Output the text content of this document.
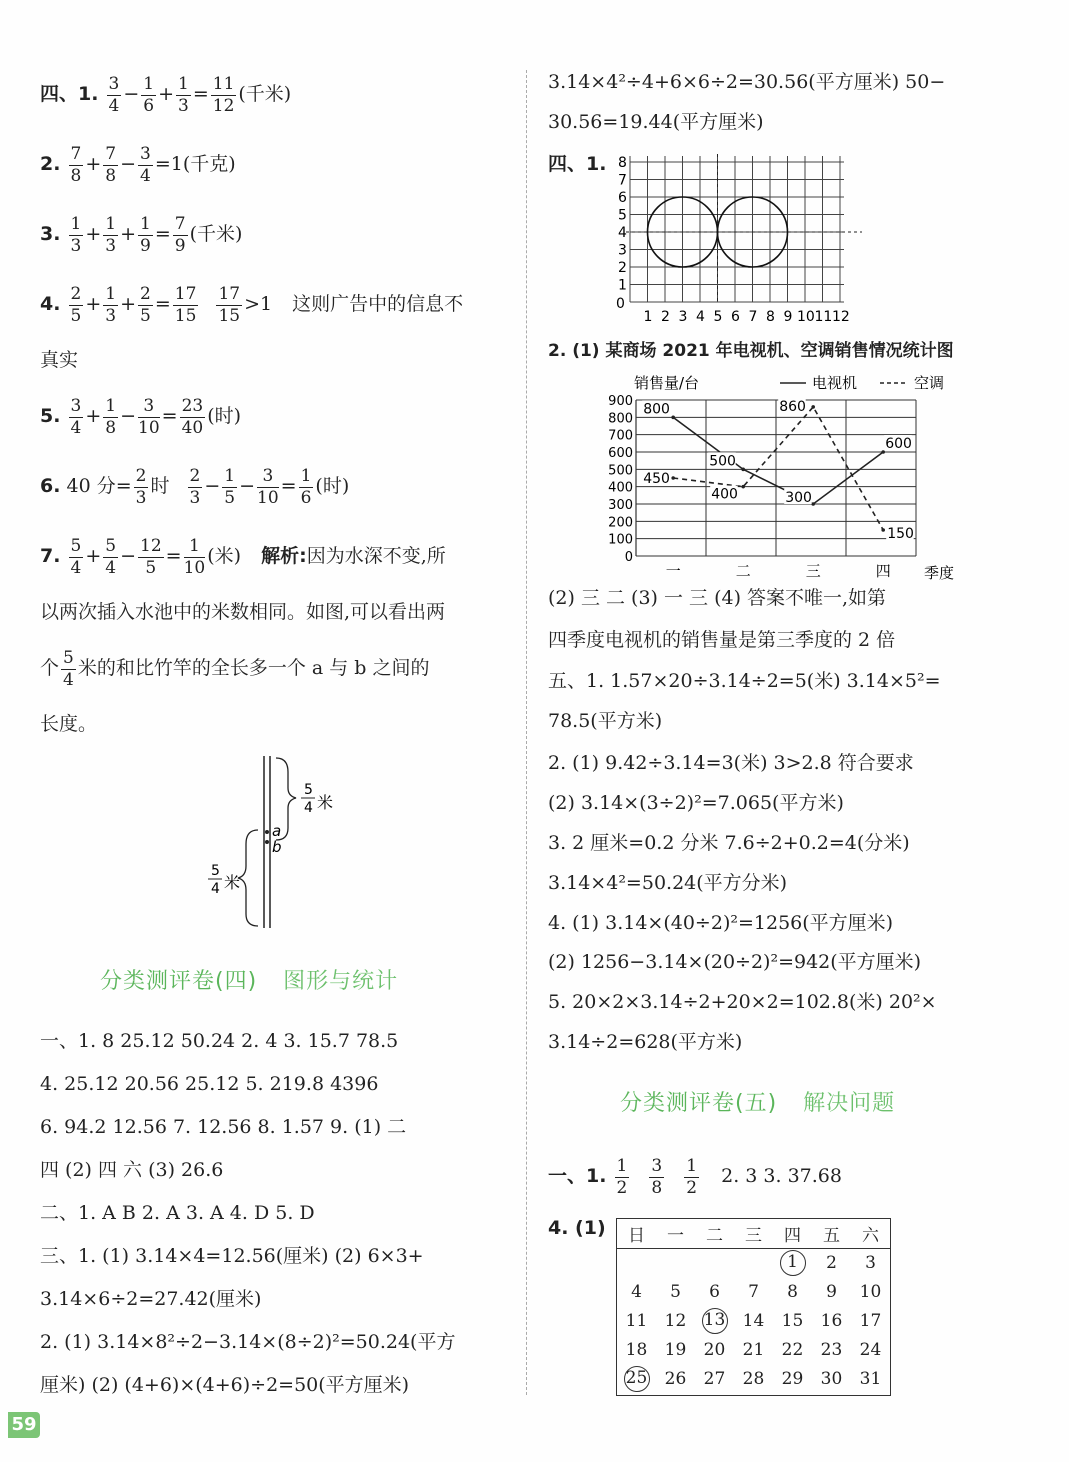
四、1. $\frac{3}{4} - \frac{1}{6} + \frac{1}{3} = \frac{11}{12}$ (千米)
2. $\frac{7}{8} + \frac{7}{8} - \frac{3}{4} =1$(千克)
3. $\frac{1}{3} + \frac{1}{3} + \frac{1}{9} = \frac{7}{9}$ (千米)
4. $\frac{2}{5} + \frac{1}{3} + \frac{2}{5} = \frac{17}{15}$
$\frac{17}{15} >1$ 这则广告中的信息不
真实
5. $\frac{3}{4} + \frac{1}{8} - \frac{3}{10} = \frac{23}{40}$ (时)
6. 40 分= $\frac{2}{3}$ 时 $\frac{2}{3} - \frac{1}{5} - \frac{3}{10} = \frac{1}{6}$ (时)
7. $\frac{5}{4} + \frac{5}{4} - \frac{12}{5} = \frac{1}{10}$ (米) 解析:因为水深不变,所
以两次插入水池中的米数相同。如图,可以看出两
个 $\frac{5}{4}$ 米的和比竹竿的全长多一个 a 与 b 之间的
长度。
a
b
5
4 米
5
4 米
分类测评卷(四) 图形与统计
一、1. 8 25.12 50.24 2. 4 3. 15.7 78.5
4. 25.12 20.56 25.12 5. 219.8 4396
6. 94.2 12.56 7. 12.56 8. 1.57 9. (1) 二
四 (2) 四 六 (3) 26.6
二、1. A B 2. A 3. A 4. D 5. D
三、1. (1) 3.14×4=12.56(厘米) (2) 6×3+
3.14×6÷2=27.42(厘米)
2. (1) 3.14×8²÷2−3.14×(8÷2)²=50.24(平方
厘米) (2) (4+6)×(4+6)÷2=50(平方厘米)
3.14×4²÷4+6×6÷2=30.56(平方厘米) 50−
30.56=19.44(平方厘米)
四、1. 8
7
6
5
4
3
2
1
0
1 2 3 4 5 6 7 8 9 10 11 12
2. (1) 某商场 2021 年电视机、空调销售情况统计图
销售量/台
0
100
200
300
400
500
600
700
800
900
一	二	三	四 季度
电视机	空调
800
500
300
600
450
400
860
150
(2) 三 二 (3) 一 三 (4) 答案不唯一,如第
四季度电视机的销售量是第三季度的 2 倍
五、1. 1.57×20÷3.14÷2=5(米) 3.14×5²=
78.5(平方米)
2. (1) 9.42÷3.14=3(米) 3>2.8 符合要求
(2) 3.14×(3÷2)²=7.065(平方米)
3. 2 厘米=0.2 分米 7.6÷2+0.2=4(分米)
3.14×4²=50.24(平方分米)
4. (1) 3.14×(40÷2)²=1256(平方厘米)
(2) 1256−3.14×(20÷2)²=942(平方厘米)
5. 20×2×3.14÷2+20×2=102.8(米) 20²×
3.14÷2=628(平方米)
分类测评卷(五) 解决问题
一、1. $\frac{1}{2}$
$\frac{3}{8}$
$\frac{1}{2} 2$. 3 3. 37.68
4. (1) 日	一	二	三	四	五	六
				1	2	3
4	5	6	7	8	9	10
11	12	13	14	15	16	17
18	19	20	21	22	23	24
25	26	27	28	29	30	31
59
